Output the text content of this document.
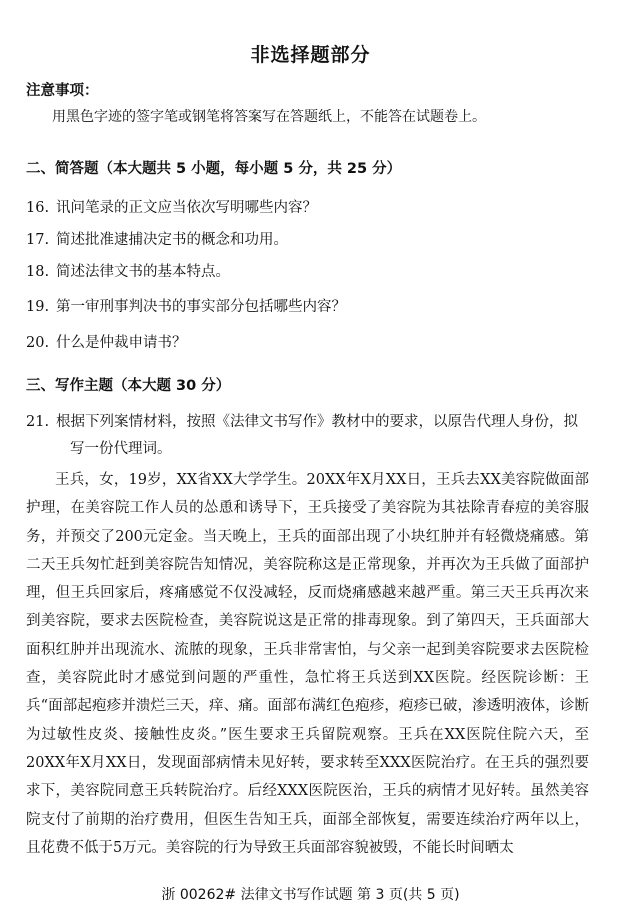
非选择题部分
注意事项：
用黑色字迹的签字笔或钢笔将答案写在答题纸上，不能答在试题卷上。
二、简答题（本大题共 5 小题，每小题 5 分，共 25 分）
16. 讯问笔录的正文应当依次写明哪些内容？
17. 简述批准逮捕决定书的概念和功用。
18. 简述法律文书的基本特点。
19. 第一审刑事判决书的事实部分包括哪些内容？
20. 什么是仲裁申请书？
三、写作主题（本大题 30 分）
21. 根据下列案情材料，按照《法律文书写作》教材中的要求，以原告代理人身份，拟
写一份代理词。
王兵，女，19岁，XX省XX大学学生。20XX年X月XX日，王兵去XX美容院做面部护理，在美容院工作人员的怂恿和诱导下，王兵接受了美容院为其祛除青春痘的美容服务，并预交了200元定金。当天晚上，王兵的面部出现了小块红肿并有轻微烧痛感。第二天王兵匆忙赶到美容院告知情况，美容院称这是正常现象，并再次为王兵做了面部护理，但王兵回家后，疼痛感觉不仅没减轻，反而烧痛感越来越严重。第三天王兵再次来到美容院，要求去医院检查，美容院说这是正常的排毒现象。到了第四天，王兵面部大面积红肿并出现流水、流脓的现象，王兵非常害怕，与父亲一起到美容院要求去医院检查，美容院此时才感觉到问题的严重性，急忙将王兵送到XX医院。经医院诊断：王兵“面部起疱疹并溃烂三天，痒、痛。面部布满红色疱疹，疱疹已破，渗透明液体，诊断为过敏性皮炎、接触性皮炎。”医生要求王兵留院观察。王兵在XX医院住院六天，至20XX年X月XX日，发现面部病情未见好转，要求转至XXX医院治疗。在王兵的强烈要求下，美容院同意王兵转院治疗。后经XXX医院医治，王兵的病情才见好转。虽然美容院支付了前期的治疗费用，但医生告知王兵，面部全部恢复，需要连续治疗两年以上，且花费不低于5万元。美容院的行为导致王兵面部容貌被毁，不能长时间晒太
浙 00262# 法律文书写作试题 第 3 页(共 5 页)
